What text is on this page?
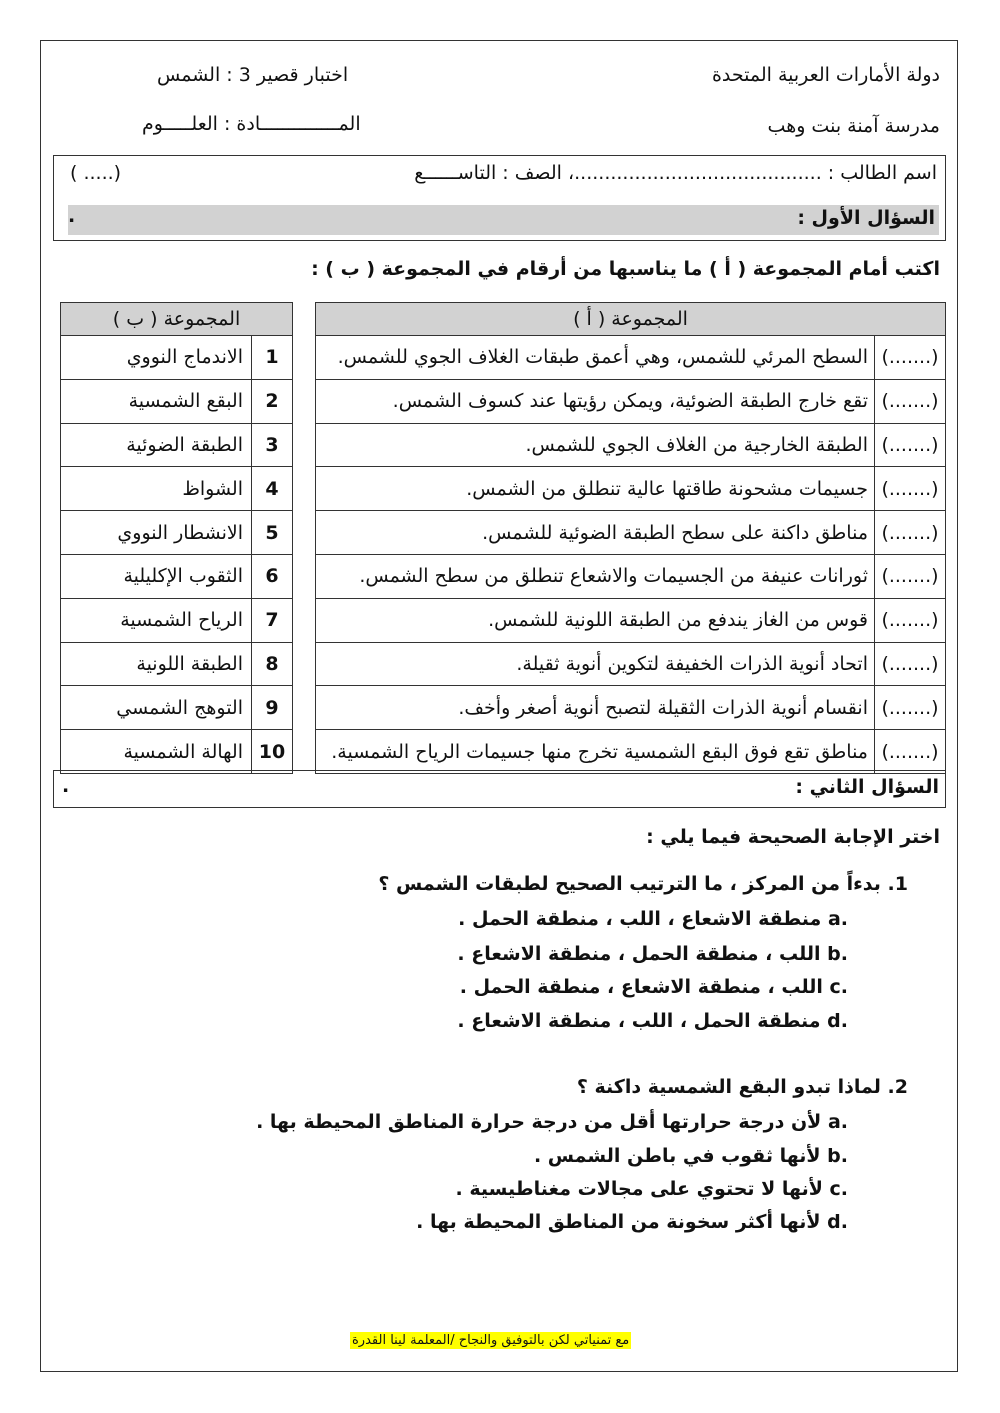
دولة الأمارات العربية المتحدة
اختبار قصير 3 : الشمس
مدرسة آمنة بنت وهب
المــــــــــــــادة : العلـــــوم
اسم الطالب : .........................................، الصف : التاســــــع
( .....)
السؤال الأول :
.
اكتب أمام المجموعة ( أ ) ما يناسبها من أرقام في المجموعة ( ب ) :
المجموعة ( أ )	
السطح المرئي للشمس، وهي أعمق طبقات الغلاف الجوي للشمس.	(.......)
تقع خارج الطبقة الضوئية، ويمكن رؤيتها عند كسوف الشمس.	(.......)
الطبقة الخارجية من الغلاف الجوي للشمس.	(.......)
جسيمات مشحونة طاقتها عالية تنطلق من الشمس.	(.......)
مناطق داكنة على سطح الطبقة الضوئية للشمس.	(.......)
ثورانات عنيفة من الجسيمات والاشعاع تنطلق من سطح الشمس.	(.......)
قوس من الغاز يندفع من الطبقة اللونية للشمس.	(.......)
اتحاد أنوية الذرات الخفيفة لتكوين أنوية ثقيلة.	(.......)
انقسام أنوية الذرات الثقيلة لتصبح أنوية أصغر وأخف.	(.......)
مناطق تقع فوق البقع الشمسية تخرج منها جسيمات الرياح الشمسية.	(.......)
المجموعة ( ب )	
الاندماج النووي	1
البقع الشمسية	2
الطبقة الضوئية	3
الشواظ	4
الانشطار النووي	5
الثقوب الإكليلية	6
الرياح الشمسية	7
الطبقة اللونية	8
التوهج الشمسي	9
الهالة الشمسية	10
السؤال الثاني :
.
اختر الإجابة الصحيحة فيما يلي :
.1 بدءاً من المركز ، ما الترتيب الصحيح لطبقات الشمس ؟
a. منطقة الاشعاع ، اللب ، منطقة الحمل .
b. اللب ، منطقة الحمل ، منطقة الاشعاع .
c. اللب ، منطقة الاشعاع ، منطقة الحمل .
d. منطقة الحمل ، اللب ، منطقة الاشعاع .
.2 لماذا تبدو البقع الشمسية داكنة ؟
a. لأن درجة حرارتها أقل من درجة حرارة المناطق المحيطة بها .
b. لأنها ثقوب في باطن الشمس .
c. لأنها لا تحتوي على مجالات مغناطيسية .
d. لأنها أكثر سخونة من المناطق المحيطة بها .
مع تمنياتي لكن بالتوفيق والنجاح /المعلمة لينا القدرة
